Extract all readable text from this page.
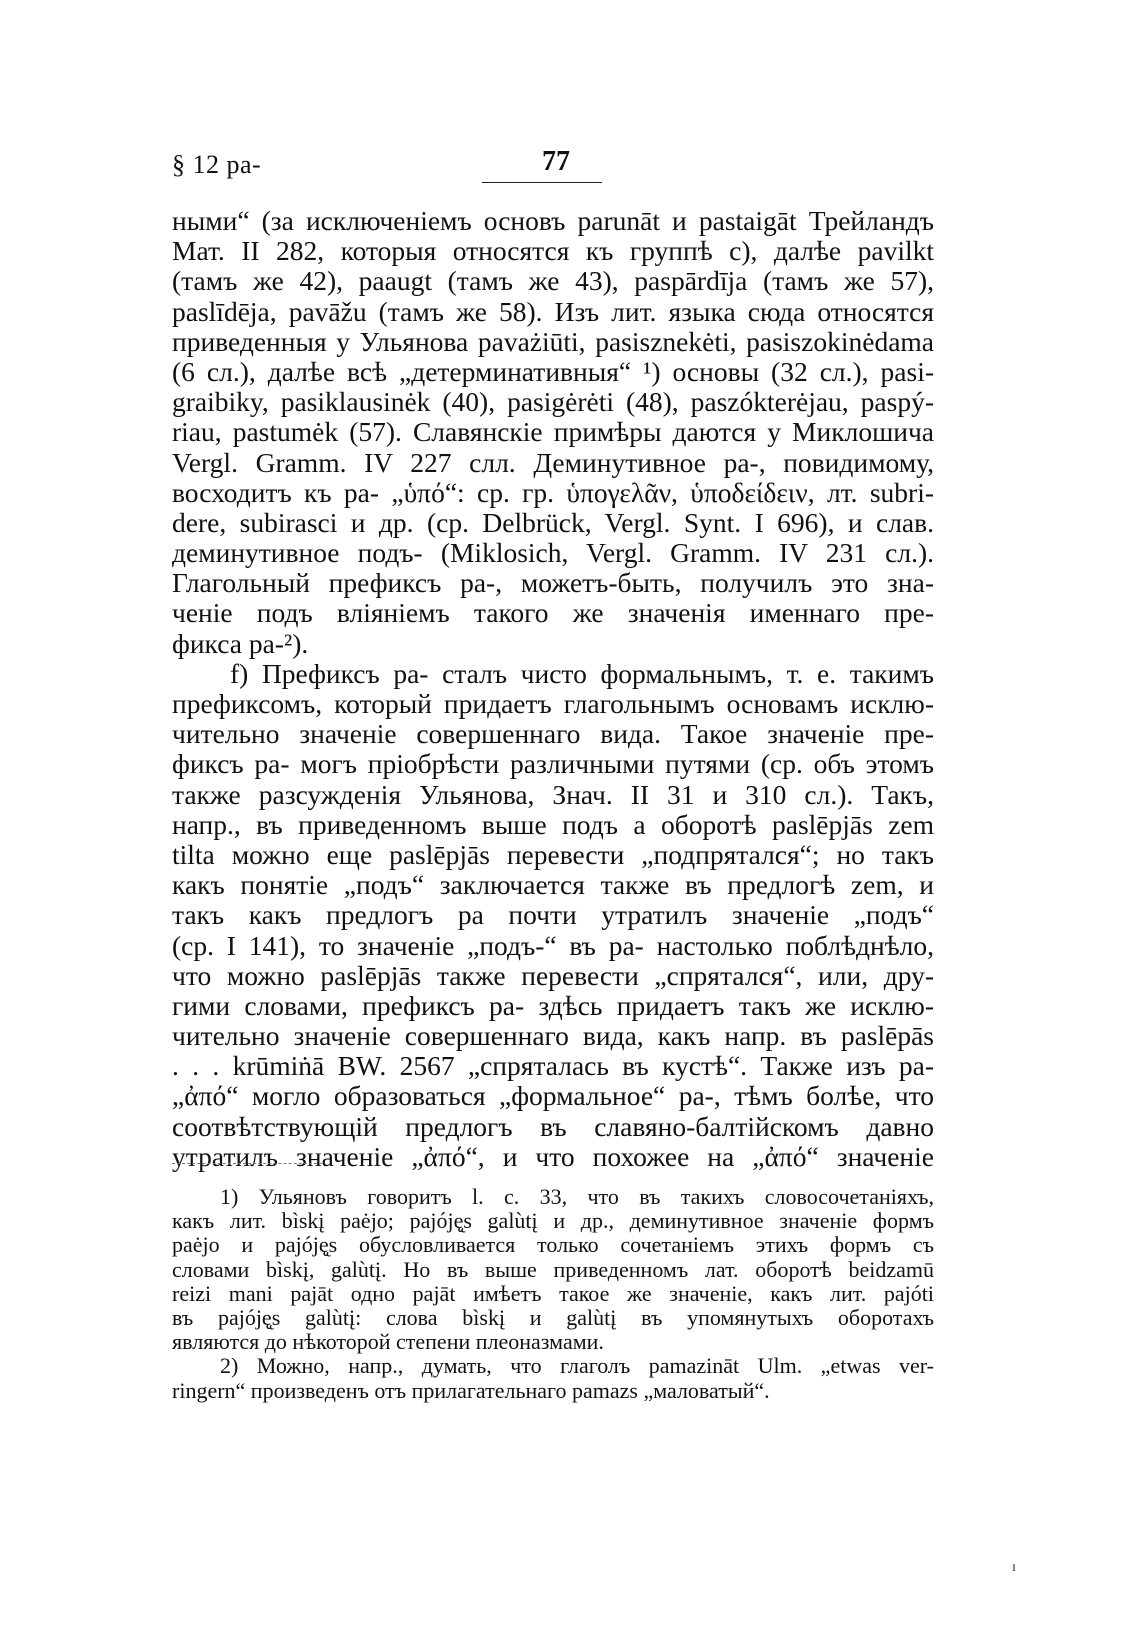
§ 12 pa-	77
ными“ (за исключеніемъ основъ parunāt и pastaigāt Трейландъ
Мат. II 282, которыя относятся къ группѣ c), далѣе pavilkt
(тамъ же 42), paaugt (тамъ же 43), paspārdīja (тамъ же 57),
paslīdēja, pavāžu (тамъ же 58). Изъ лит. языка сюда относятся
приведенныя у Ульянова pavażiūti, pasisznekėti, pasiszokinėdama
(6 сл.), далѣе всѣ „детерминативныя“ ¹) основы (32 сл.), pasi-
graibiky, pasiklausinėk (40), pasigėrėti (48), paszókterėjau, paspý-
riau, pastumėk (57). Славянскіе примѣры даются у Миклошича
Vergl. Gramm. IV 227 слл. Деминутивное pa-, повидимому,
восходитъ къ pa- „ὑπό“: ср. гр. ὑπογελᾶν, ὑποδείδειν, лт. subri-
dere, subirasci и др. (ср. Delbrück, Vergl. Synt. I 696), и слав.
деминутивное подъ- (Miklosich, Vergl. Gramm. IV 231 сл.).
Глагольный префиксъ pa-, можетъ-быть, получилъ это зна-
ченіе подъ вліяніемъ такого же значенія именнаго пре-
фикса pa-²).
f) Префиксъ pa- сталъ чисто формальнымъ, т. е. такимъ
префиксомъ, который придаетъ глагольнымъ основамъ исклю-
чительно значеніе совершеннаго вида. Такое значеніе пре-
фиксъ pa- могъ пріобрѣсти различными путями (ср. объ этомъ
также разсужденія Ульянова, Знач. II 31 и 310 сл.). Такъ,
напр., въ приведенномъ выше подъ a оборотѣ paslēpjās zem
tilta можно еще paslēpjās перевести „подпрятался“; но такъ
какъ понятіе „подъ“ заключается также въ предлогѣ zem, и
такъ какъ предлогъ pa почти утратилъ значеніе „подъ“
(ср. I 141), то значеніе „подъ-“ въ pa- настолько поблѣднѣло,
что можно paslēpjās также перевести „спрятался“, или, дру-
гими словами, префиксъ pa- здѣсь придаетъ такъ же исклю-
чительно значеніе совершеннаго вида, какъ напр. въ paslēpās
. . . krūmiṅā BW. 2567 „спряталась въ кустѣ“. Также изъ pa-
„ἀπό“ могло образоваться „формальное“ pa-, тѣмъ болѣе, что
соотвѣтствующій предлогъ въ славяно-балтійскомъ давно
утратилъ значеніе „ἀπό“, и что похожее на „ἀπό“ значеніе
1) Ульяновъ говоритъ l. c. 33, что въ такихъ словосочетаніяхъ,
какъ лит. bìskį paėjo; pajóję̨s galùtį и др., деминутивное значеніе формъ
paėjo и pajóję̨s обусловливается только сочетаніемъ этихъ формъ съ
словами bìskį, galùtį. Но въ выше приведенномъ лат. оборотѣ beidzamū
reizi mani pajāt одно pajāt имѣетъ такое же значеніе, какъ лит. pajóti
въ pajóję̨s galùtį: слова bìskį и galùtį въ упомянутыхъ оборотахъ
являются до нѣкоторой степени плеоназмами.
2) Можно, напр., думать, что глаголъ pamazināt Ulm. „etwas ver-
ringern“ произведенъ отъ прилагательнаго pamazs „маловатый“.
ɪ
